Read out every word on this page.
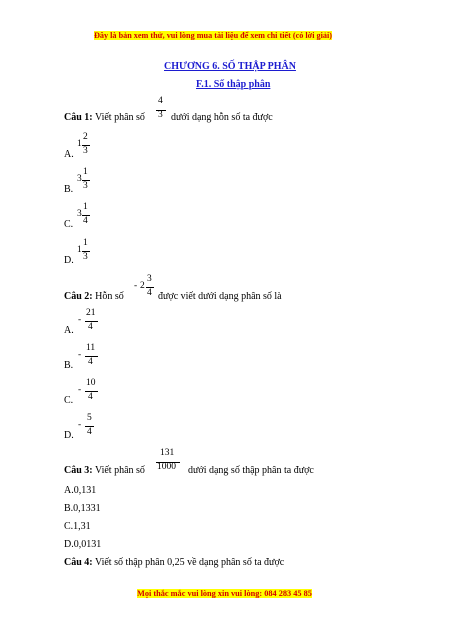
Đây là bản xem thử, vui lòng mua tài liệu để xem chi tiết (có lời giải)
CHƯƠNG 6. SỐ THẬP PHÂN
F.1. Số thập phân
Câu 1: Viết phân số
4
3 dưới dạng hỗn số ta được
A.
1
2
3
B.
3
1
3
C.
3
1
4
D.
1
1
3
Câu 2: Hỗn số
- 2
3
4 được viết dưới dạng phân số là
A.
-
21
4
B.
-
11
4
C.
-
10
4
D.
-
5
4
Câu 3: Viết phân số
131
1000 dưới dạng số thập phân ta được
A.0,131
B.0,1331
C.1,31
D.0,0131
Câu 4: Viết số thập phân 0,25 về dạng phân số ta được
Mọi thắc mắc vui lòng xin vui lòng: 084 283 45 85
